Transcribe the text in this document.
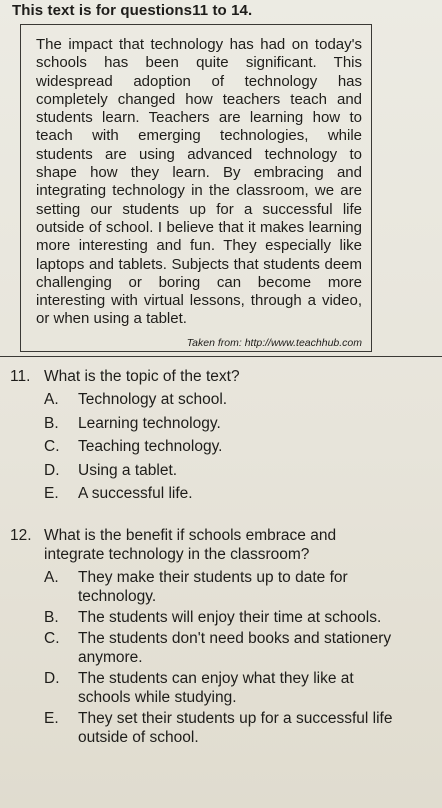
This text is for questions11 to 14.

The impact that technology has had on today's schools has been quite significant. This widespread adoption of technology has completely changed how teachers teach and students learn. Teachers are learning how to teach with emerging technologies, while students are using advanced technology to shape how they learn. By embracing and integrating technology in the classroom, we are setting our students up for a successful life outside of school. I believe that it makes learning more interesting and fun. They especially like laptops and tablets. Subjects that students deem challenging or boring can become more interesting with virtual lessons, through a video, or when using a tablet.

Taken from: http://www.teachhub.com
11. What is the topic of the text?
A. Technology at school.
B. Learning technology.
C. Teaching technology.
D. Using a tablet.
E. A successful life.
12. What is the benefit if schools embrace and integrate technology in the classroom?
A. They make their students up to date for technology.
B. The students will enjoy their time at schools.
C. The students don't need books and stationery anymore.
D. The students can enjoy what they like at schools while studying.
E. They set their students up for a successful life outside of school.
